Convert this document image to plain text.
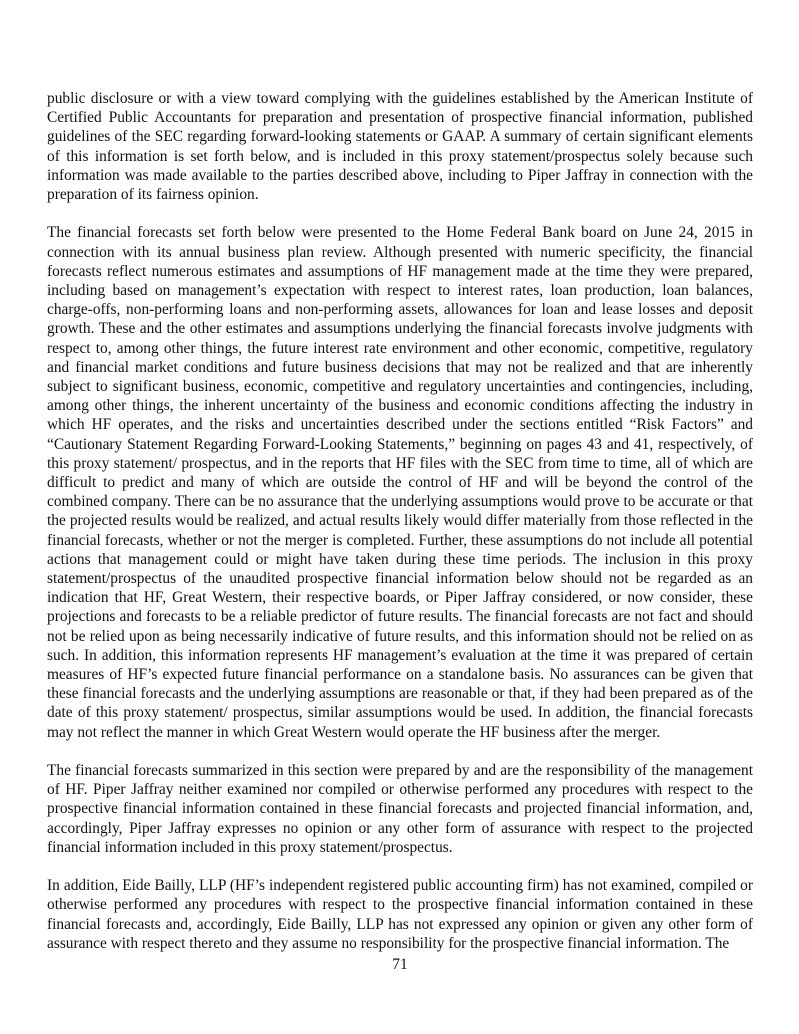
public disclosure or with a view toward complying with the guidelines established by the American Institute of Certified Public Accountants for preparation and presentation of prospective financial information, published guidelines of the SEC regarding forward-looking statements or GAAP. A summary of certain significant elements of this information is set forth below, and is included in this proxy statement/prospectus solely because such information was made available to the parties described above, including to Piper Jaffray in connection with the preparation of its fairness opinion.

The financial forecasts set forth below were presented to the Home Federal Bank board on June 24, 2015 in connection with its annual business plan review. Although presented with numeric specificity, the financial forecasts reflect numerous estimates and assumptions of HF management made at the time they were prepared, including based on management’s expectation with respect to interest rates, loan production, loan balances, charge-offs, non-performing loans and non-performing assets, allowances for loan and lease losses and deposit growth. These and the other estimates and assumptions underlying the financial forecasts involve judgments with respect to, among other things, the future interest rate environment and other economic, competitive, regulatory and financial market conditions and future business decisions that may not be realized and that are inherently subject to significant business, economic, competitive and regulatory uncertainties and contingencies, including, among other things, the inherent uncertainty of the business and economic conditions affecting the industry in which HF operates, and the risks and uncertainties described under the sections entitled “Risk Factors” and “Cautionary Statement Regarding Forward-Looking Statements,” beginning on pages 43 and 41, respectively, of this proxy statement/ prospectus, and in the reports that HF files with the SEC from time to time, all of which are difficult to predict and many of which are outside the control of HF and will be beyond the control of the combined company. There can be no assurance that the underlying assumptions would prove to be accurate or that the projected results would be realized, and actual results likely would differ materially from those reflected in the financial forecasts, whether or not the merger is completed. Further, these assumptions do not include all potential actions that management could or might have taken during these time periods. The inclusion in this proxy statement/prospectus of the unaudited prospective financial information below should not be regarded as an indication that HF, Great Western, their respective boards, or Piper Jaffray considered, or now consider, these projections and forecasts to be a reliable predictor of future results. The financial forecasts are not fact and should not be relied upon as being necessarily indicative of future results, and this information should not be relied on as such. In addition, this information represents HF management’s evaluation at the time it was prepared of certain measures of HF’s expected future financial performance on a standalone basis. No assurances can be given that these financial forecasts and the underlying assumptions are reasonable or that, if they had been prepared as of the date of this proxy statement/ prospectus, similar assumptions would be used. In addition, the financial forecasts may not reflect the manner in which Great Western would operate the HF business after the merger.

The financial forecasts summarized in this section were prepared by and are the responsibility of the management of HF. Piper Jaffray neither examined nor compiled or otherwise performed any procedures with respect to the prospective financial information contained in these financial forecasts and projected financial information, and, accordingly, Piper Jaffray expresses no opinion or any other form of assurance with respect to the projected financial information included in this proxy statement/prospectus.

In addition, Eide Bailly, LLP (HF’s independent registered public accounting firm) has not examined, compiled or otherwise performed any procedures with respect to the prospective financial information contained in these financial forecasts and, accordingly, Eide Bailly, LLP has not expressed any opinion or given any other form of assurance with respect thereto and they assume no responsibility for the prospective financial information. The

71
